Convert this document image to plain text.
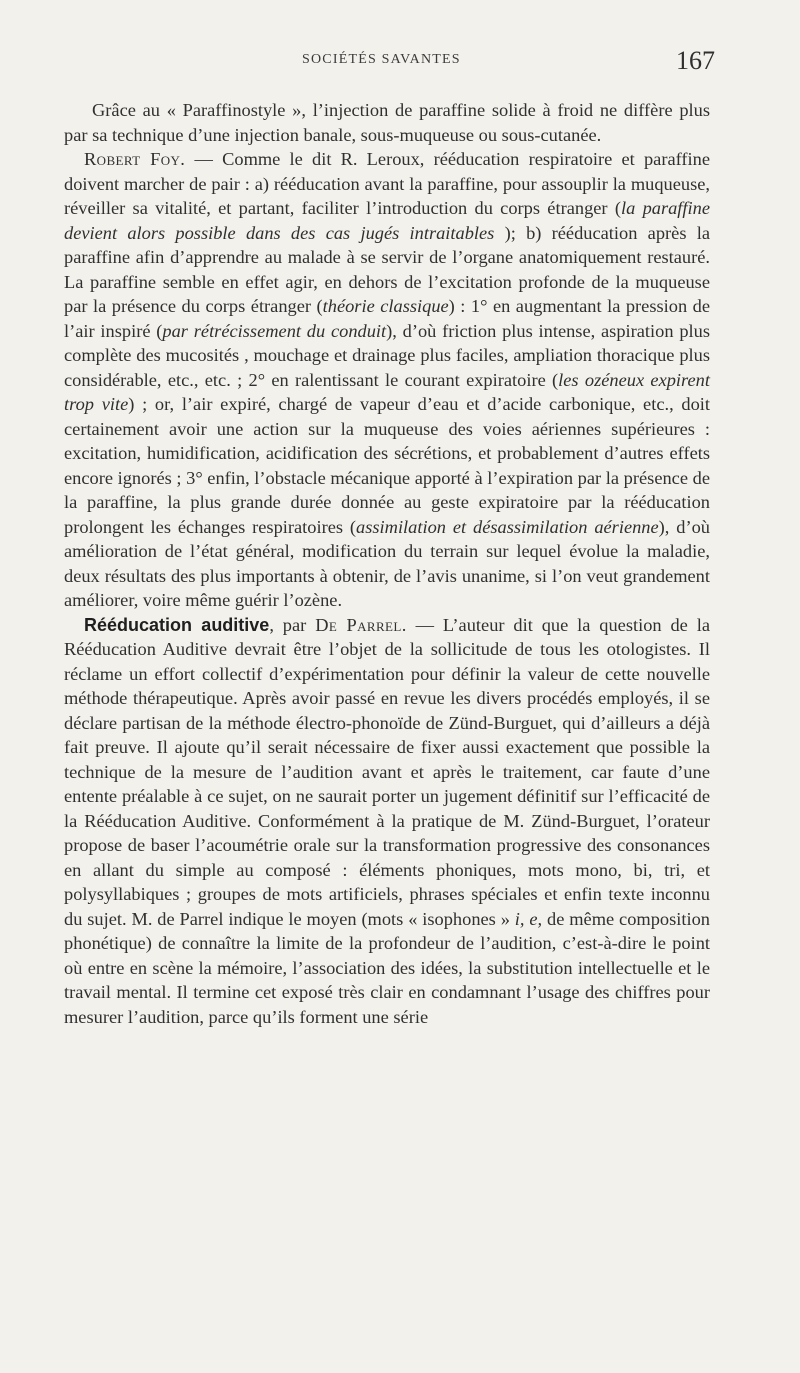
SOCIÉTÉS SAVANTES	167

Grâce au « Paraffinostyle », l’injection de paraffine solide à froid ne diffère plus par sa technique d’une injection banale, sous-muqueuse ou sous-cutanée.

Robert Foy. — Comme le dit R. Leroux, rééducation respiratoire et paraffine doivent marcher de pair : a) rééducation avant la paraffine, pour assouplir la muqueuse, réveiller sa vitalité, et partant, faciliter l’introduction du corps étranger (la paraffine devient alors possible dans des cas jugés intraitables ); b) rééducation après la paraffine afin d’apprendre au malade à se servir de l’organe anatomiquement restauré. La paraffine semble en effet agir, en dehors de l’excitation profonde de la muqueuse par la présence du corps étranger (théorie classique) : 1° en augmentant la pression de l’air inspiré (par rétrécissement du conduit), d’où friction plus intense, aspiration plus complète des mucosités , mouchage et drainage plus faciles, ampliation thoracique plus considérable, etc., etc. ; 2° en ralentissant le courant expiratoire (les ozéneux expirent trop vite) ; or, l’air expiré, chargé de vapeur d’eau et d’acide carbonique, etc., doit certainement avoir une action sur la muqueuse des voies aériennes supérieures : excitation, humidification, acidification des sécrétions, et probablement d’autres effets encore ignorés ; 3° enfin, l’obstacle mécanique apporté à l’expiration par la présence de la paraffine, la plus grande durée donnée au geste expiratoire par la rééducation prolongent les échanges respiratoires (assimilation et désassimilation aérienne), d’où amélioration de l’état général, modification du terrain sur lequel évolue la maladie, deux résultats des plus importants à obtenir, de l’avis unanime, si l’on veut grandement améliorer, voire même guérir l’ozène.

Rééducation auditive, par De Parrel. — L’auteur dit que la question de la Rééducation Auditive devrait être l’objet de la sollicitude de tous les otologistes. Il réclame un effort collectif d’expérimentation pour définir la valeur de cette nouvelle méthode thérapeutique. Après avoir passé en revue les divers procédés employés, il se déclare partisan de la méthode électro-phonoïde de Zünd-Burguet, qui d’ailleurs a déjà fait preuve. Il ajoute qu’il serait nécessaire de fixer aussi exactement que possible la technique de la mesure de l’audition avant et après le traitement, car faute d’une entente préalable à ce sujet, on ne saurait porter un jugement définitif sur l’efficacité de la Rééducation Auditive. Conformément à la pratique de M. Zünd-Burguet, l’orateur propose de baser l’acoumétrie orale sur la transformation progressive des consonances en allant du simple au composé : éléments phoniques, mots mono, bi, tri, et polysyllabiques ; groupes de mots artificiels, phrases spéciales et enfin texte inconnu du sujet. M. de Parrel indique le moyen (mots « isophones » i, e, de même composition phonétique) de connaître la limite de la profondeur de l’audition, c’est-à-dire le point où entre en scène la mémoire, l’association des idées, la substitution intellectuelle et le travail mental. Il termine cet exposé très clair en condamnant l’usage des chiffres pour mesurer l’audition, parce qu’ils forment une série
